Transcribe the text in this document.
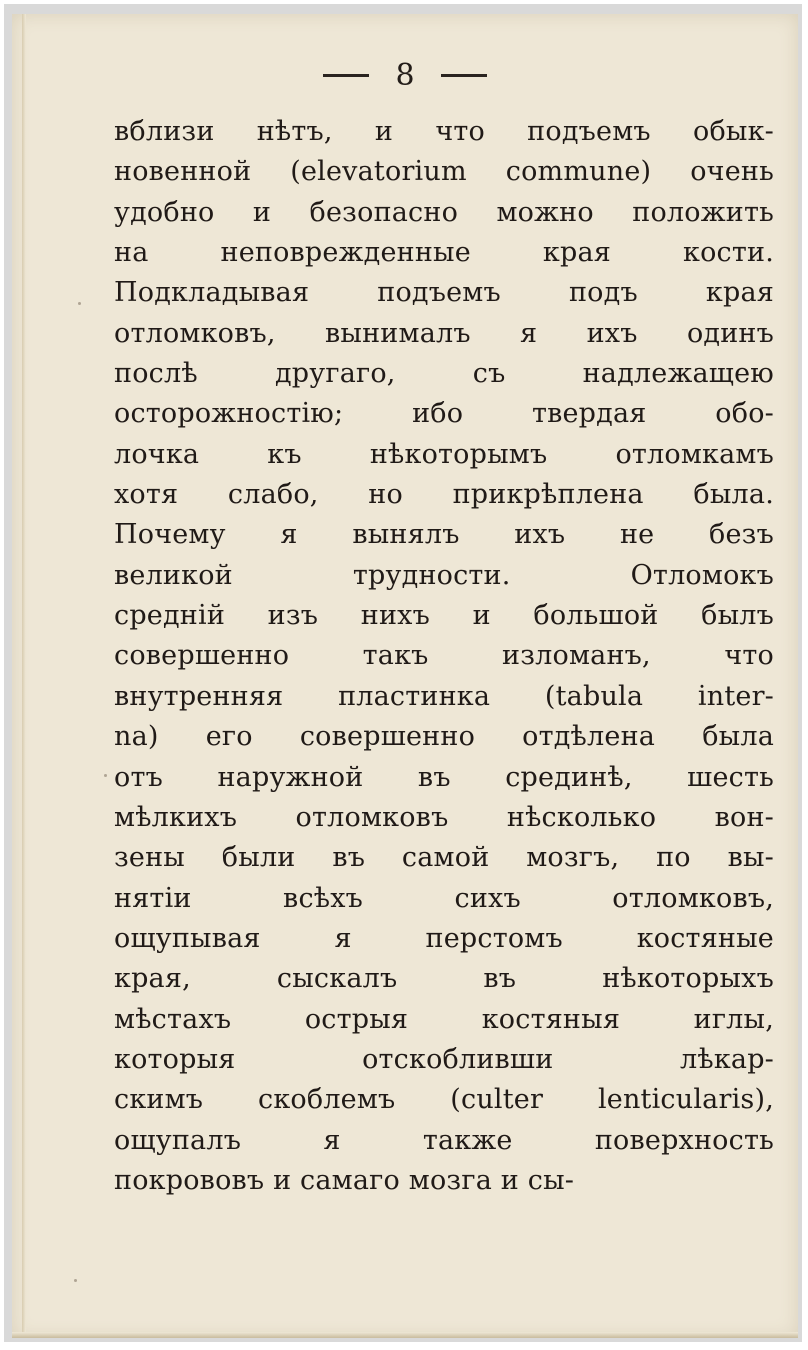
8
вблизи нѣтъ, и что подъемъ обык-
новенной (elevatorium commune) очень
удобно и безопасно можно положить
на неповрежденные края кости.
Подкладывая подъемъ подъ края
отломковъ, вынималъ я ихъ одинъ
послѣ другаго, съ надлежащею
осторожностію; ибо твердая обо-
лочка къ нѣкоторымъ отломкамъ
хотя слабо, но прикрѣплена была.
Почему я вынялъ ихъ не безъ
великой трудности. Отломокъ
средній изъ нихъ и большой былъ
совершенно такъ изломанъ, что
внутренняя пластинка (tabula inter-
na) его совершенно отдѣлена была
отъ наружной въ срединѣ, шесть
мѣлкихъ отломковъ нѣсколько вон-
зены были въ самой мозгъ, по вы-
нятіи всѣхъ сихъ отломковъ,
ощупывая я перстомъ костяные
края, сыскалъ въ нѣкоторыхъ
мѣстахъ острыя костяныя иглы,
которыя отскобливши лѣкар-
скимъ скоблемъ (culter lenticularis),
ощупалъ я также поверхность
покрововъ и самаго мозга и сы-
